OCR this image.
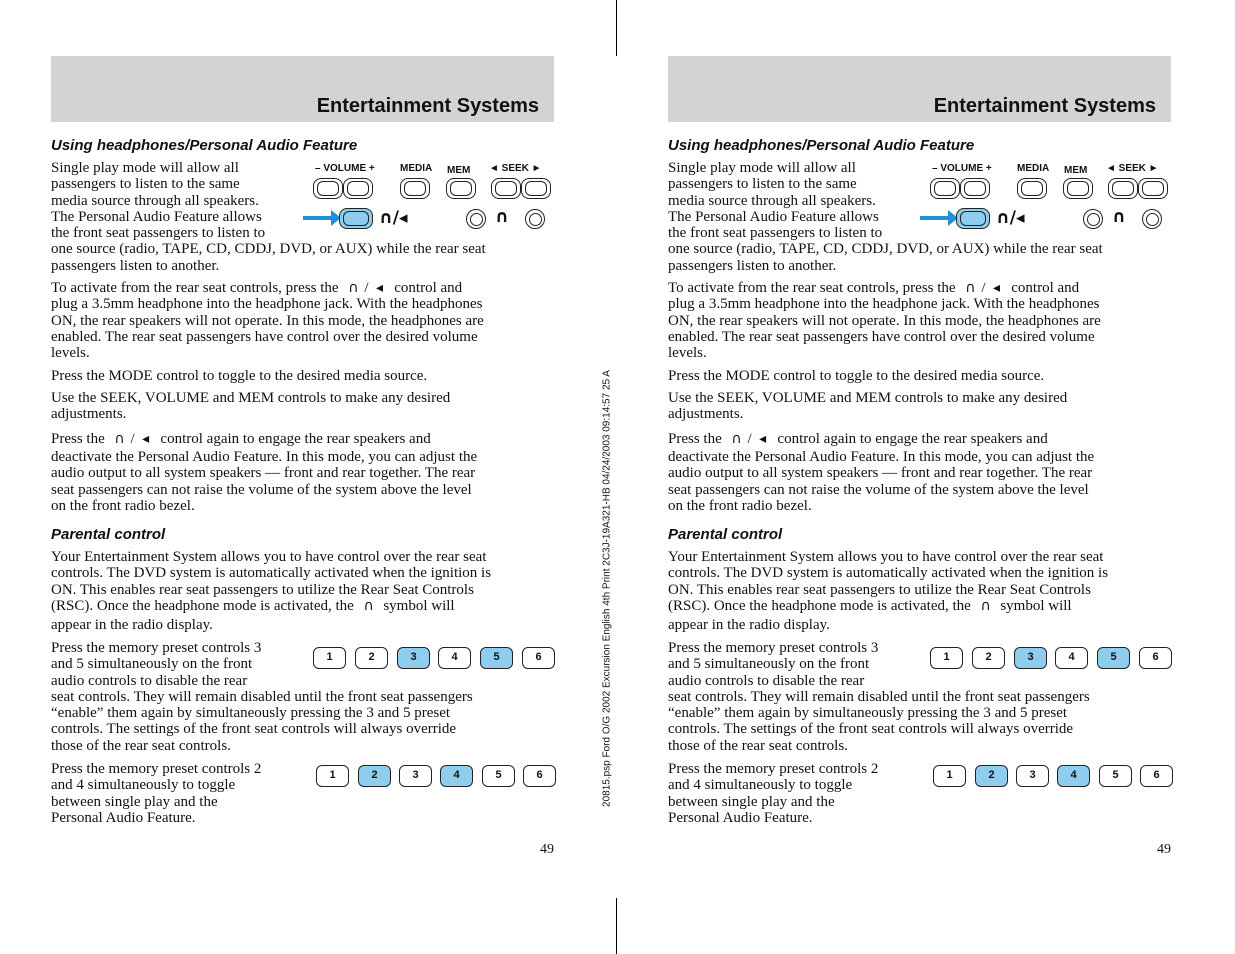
20815.psp Ford O/G 2002 Excursion English 4th Print 2C3J-19A321-HB 04/24/2003 09:14:57 25 A
Entertainment Systems
Using headphones/Personal Audio Feature
Single play mode will allow all
passengers to listen to the same
media source through all speakers.
The Personal Audio Feature allows
the front seat passengers to listen to
one source (radio, TAPE, CD, CDDJ, DVD, or AUX) while the rear seat
passengers listen to another.
– VOLUME +	MEDIA MEM ◄ SEEK ►
∩/◂	∩
To activate from the rear seat controls, press the ∩ / ◂ control and
plug a 3.5mm headphone into the headphone jack. With the headphones
ON, the rear speakers will not operate. In this mode, the headphones are
enabled. The rear seat passengers have control over the desired volume
levels.
Press the MODE control to toggle to the desired media source.
Use the SEEK, VOLUME and MEM controls to make any desired
adjustments.
Press the ∩ / ◂ control again to engage the rear speakers and
deactivate the Personal Audio Feature. In this mode, you can adjust the
audio output to all system speakers — front and rear together. The rear
seat passengers can not raise the volume of the system above the level
on the front radio bezel.
Parental control
Your Entertainment System allows you to have control over the rear seat
controls. The DVD system is automatically activated when the ignition is
ON. This enables rear seat passengers to utilize the Rear Seat Controls
(RSC). Once the headphone mode is activated, the ∩ symbol will
appear in the radio display.
1	2	3	4	5	6
Press the memory preset controls 3
and 5 simultaneously on the front
audio controls to disable the rear
seat controls. They will remain disabled until the front seat passengers
“enable” them again by simultaneously pressing the 3 and 5 preset
controls. The settings of the front seat controls will always override
those of the rear seat controls.
1	2	3	4	5	6
Press the memory preset controls 2
and 4 simultaneously to toggle
between single play and the
Personal Audio Feature.
49
Entertainment Systems
Using headphones/Personal Audio Feature
Single play mode will allow all
passengers to listen to the same
media source through all speakers.
The Personal Audio Feature allows
the front seat passengers to listen to
one source (radio, TAPE, CD, CDDJ, DVD, or AUX) while the rear seat
passengers listen to another.
– VOLUME +	MEDIA MEM ◄ SEEK ►
∩/◂	∩
To activate from the rear seat controls, press the ∩ / ◂ control and
plug a 3.5mm headphone into the headphone jack. With the headphones
ON, the rear speakers will not operate. In this mode, the headphones are
enabled. The rear seat passengers have control over the desired volume
levels.
Press the MODE control to toggle to the desired media source.
Use the SEEK, VOLUME and MEM controls to make any desired
adjustments.
Press the ∩ / ◂ control again to engage the rear speakers and
deactivate the Personal Audio Feature. In this mode, you can adjust the
audio output to all system speakers — front and rear together. The rear
seat passengers can not raise the volume of the system above the level
on the front radio bezel.
Parental control
Your Entertainment System allows you to have control over the rear seat
controls. The DVD system is automatically activated when the ignition is
ON. This enables rear seat passengers to utilize the Rear Seat Controls
(RSC). Once the headphone mode is activated, the ∩ symbol will
appear in the radio display.
1	2	3	4	5	6
Press the memory preset controls 3
and 5 simultaneously on the front
audio controls to disable the rear
seat controls. They will remain disabled until the front seat passengers
“enable” them again by simultaneously pressing the 3 and 5 preset
controls. The settings of the front seat controls will always override
those of the rear seat controls.
1	2	3	4	5	6
Press the memory preset controls 2
and 4 simultaneously to toggle
between single play and the
Personal Audio Feature.
49
